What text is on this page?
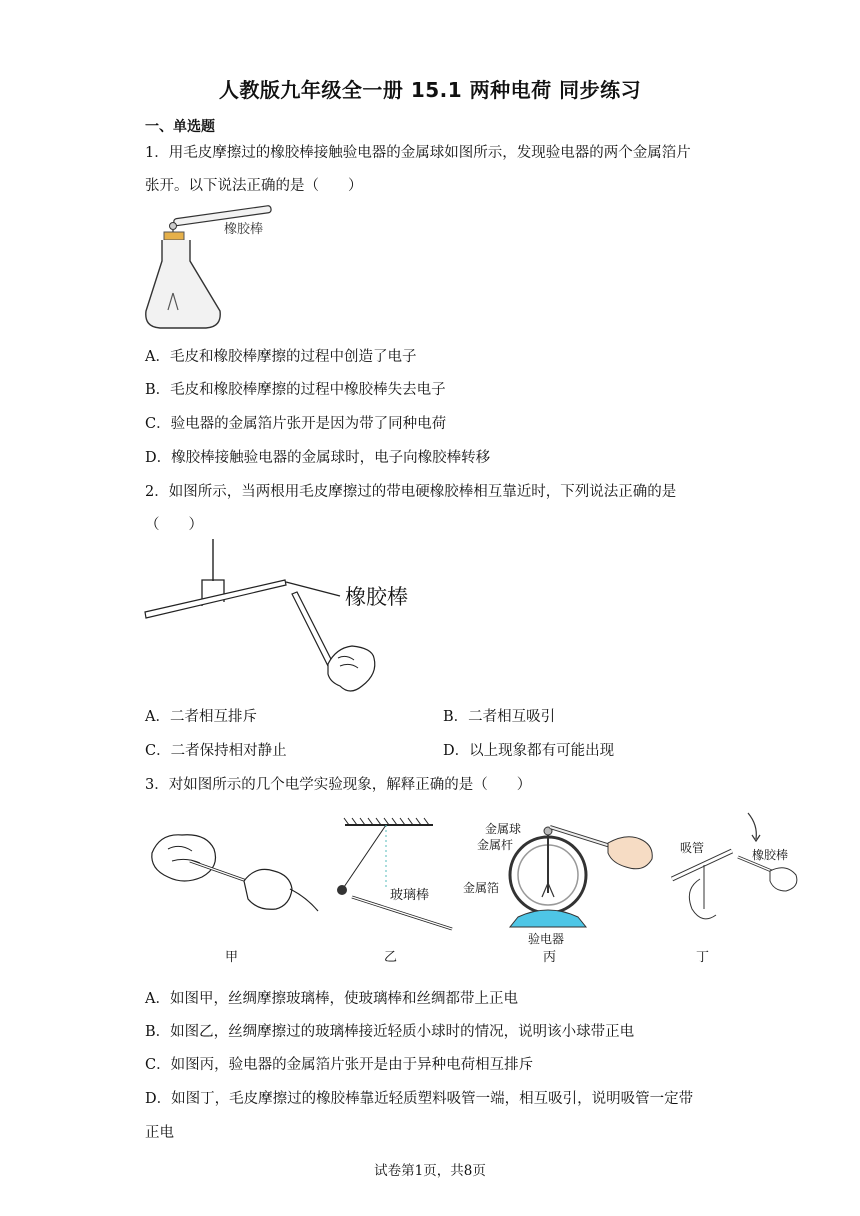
人教版九年级全一册 15.1 两种电荷 同步练习
一、单选题
1．用毛皮摩擦过的橡胶棒接触验电器的金属球如图所示，发现验电器的两个金属箔片
张开。以下说法正确的是（　　）
橡胶棒
A．毛皮和橡胶棒摩擦的过程中创造了电子
B．毛皮和橡胶棒摩擦的过程中橡胶棒失去电子
C．验电器的金属箔片张开是因为带了同种电荷
D．橡胶棒接触验电器的金属球时，电子向橡胶棒转移
2．如图所示，当两根用毛皮摩擦过的带电硬橡胶棒相互靠近时，下列说法正确的是
（　　）
橡胶棒
A．二者相互排斥	B．二者相互吸引
C．二者保持相对静止	D．以上现象都有可能出现
3．对如图所示的几个电学实验现象，解释正确的是（　　）
甲
玻璃棒
乙
金属球
金属杆
金属箔
验电器
丙
吸管	橡胶棒
丁
A．如图甲，丝绸摩擦玻璃棒，使玻璃棒和丝绸都带上正电
B．如图乙，丝绸摩擦过的玻璃棒接近轻质小球时的情况，说明该小球带正电
C．如图丙，验电器的金属箔片张开是由于异种电荷相互排斥
D．如图丁，毛皮摩擦过的橡胶棒靠近轻质塑料吸管一端，相互吸引，说明吸管一定带
正电
试卷第1页，共8页
